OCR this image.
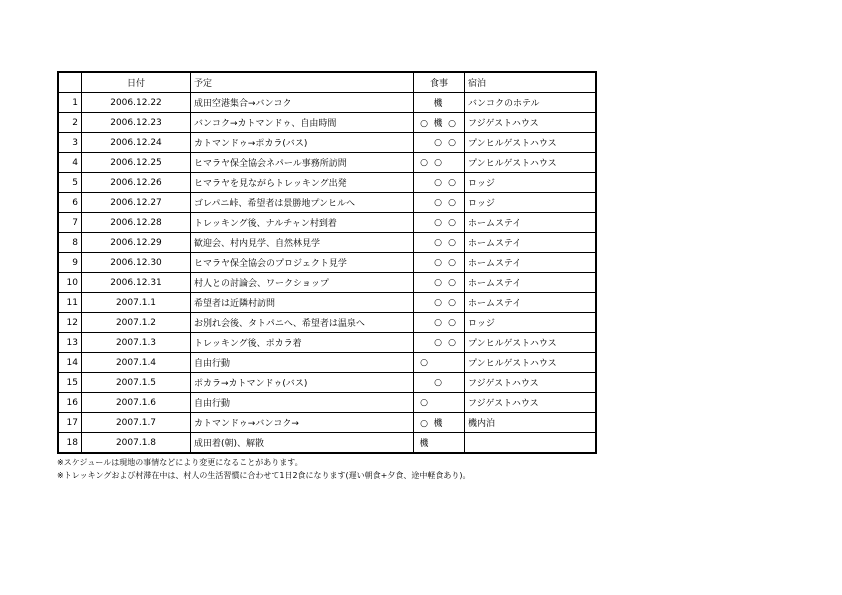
	日付	予定	食事	宿泊
1	2006.12.22	成田空港集合→バンコク	機	バンコクのホテル
2	2006.12.23	バンコク→カトマンドゥ、自由時間	○ 機 ○	フジゲストハウス
3	2006.12.24	カトマンドゥ→ポカラ(バス)	○ ○	プンヒルゲストハウス
4	2006.12.25	ヒマラヤ保全協会ネパール事務所訪問	○ ○	プンヒルゲストハウス
5	2006.12.26	ヒマラヤを見ながらトレッキング出発	○ ○	ロッジ
6	2006.12.27	ゴレパニ峠、希望者は景勝地プンヒルへ	○ ○	ロッジ
7	2006.12.28	トレッキング後、ナルチャン村到着	○ ○	ホームステイ
8	2006.12.29	歓迎会、村内見学、自然林見学	○ ○	ホームステイ
9	2006.12.30	ヒマラヤ保全協会のプロジェクト見学	○ ○	ホームステイ
10	2006.12.31	村人との討論会、ワークショップ	○ ○	ホームステイ
11	2007.1.1	希望者は近隣村訪問	○ ○	ホームステイ
12	2007.1.2	お別れ会後、タトパニへ、希望者は温泉へ	○ ○	ロッジ
13	2007.1.3	トレッキング後、ポカラ着	○ ○	プンヒルゲストハウス
14	2007.1.4	自由行動	○	プンヒルゲストハウス
15	2007.1.5	ポカラ→カトマンドゥ(バス)	○	フジゲストハウス
16	2007.1.6	自由行動	○	フジゲストハウス
17	2007.1.7	カトマンドゥ→バンコク→	○ 機	機内泊
18	2007.1.8	成田着(朝)、解散	機	
※スケジュールは現地の事情などにより変更になることがあります。
※トレッキングおよび村滞在中は、村人の生活習慣に合わせて1日2食になります(遅い朝食+夕食、途中軽食あり)。
